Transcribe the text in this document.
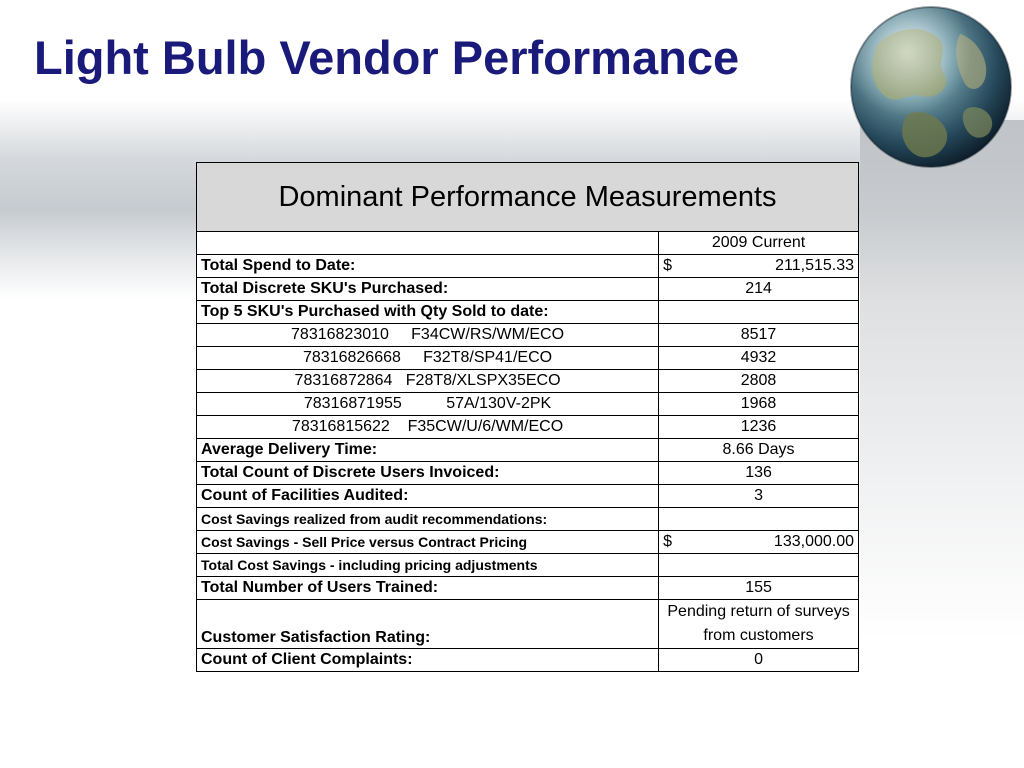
Light Bulb Vendor Performance
Dominant Performance Measurements	
	2009 Current
Total Spend to Date:	$ 211,515.33

Total Discrete SKU's Purchased:	214
Top 5 SKU's Purchased with Qty Sold to date:	
78316823010 F34CW/RS/WM/ECO	8517
78316826668 F32T8/SP41/ECO	4932
78316872864 F28T8/XLSPX35ECO	2808
78316871955 57A/130V-2PK	1968
78316815622 F35CW/U/6/WM/ECO	1236
Average Delivery Time:	8.66 Days
Total Count of Discrete Users Invoiced:	136
Count of Facilities Audited:	3
Cost Savings realized from audit recommendations:	
Cost Savings - Sell Price versus Contract Pricing	$ 133,000.00

Total Cost Savings - including pricing adjustments	
Total Number of Users Trained:	155
Customer Satisfaction Rating:	Pending return of surveys from customers
Count of Client Complaints:	0
